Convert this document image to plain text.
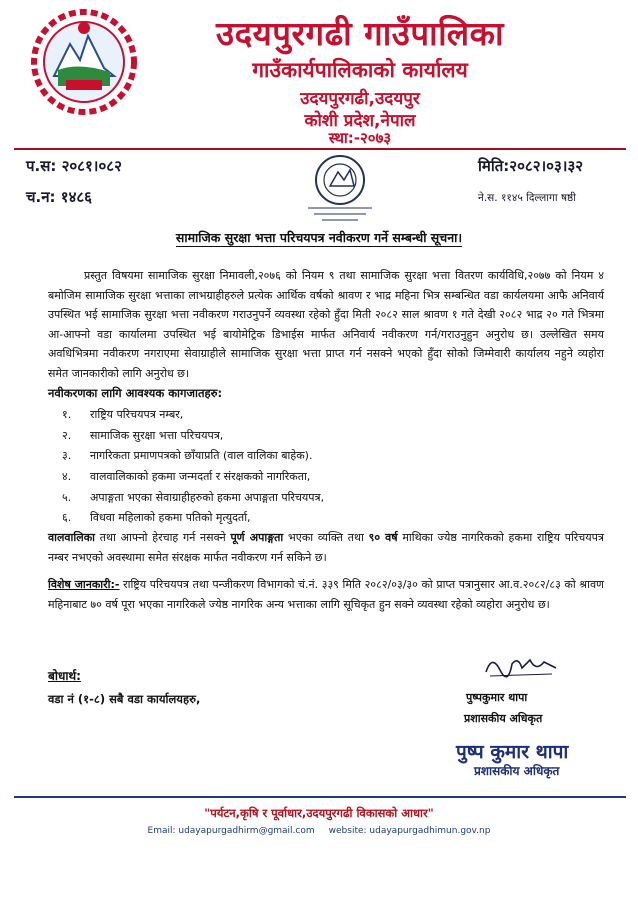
उदयपुरगढी गाउँपालिका
गाउँकार्यपालिकाको कार्यालय
उदयपुरगढी,उदयपुर
कोशी प्रदेश,नेपाल
स्था:-२०७३
प.स: २०८१।०८२
च.न: १४८६
मिति:२०८२।०३।३२
ने.स. ११४५ दिल्लागा षष्ठी
सामाजिक सुरक्षा भत्ता परिचयपत्र नवीकरण गर्ने सम्बन्धी सूचना।
प्रस्तुत विषयमा सामाजिक सुरक्षा निमावली,२०७६ को नियम ९ तथा सामाजिक सुरक्षा भत्ता वितरण कार्यविधि,२०७७ को नियम ४ बमोजिम सामाजिक सुरक्षा भत्ताका लाभग्राहीहरुले प्रत्येक आर्थिक वर्षको श्रावण र भाद्र महिना भित्र सम्बन्धित वडा कार्यलयमा आफै अनिवार्य उपस्थित भई सामाजिक सुरक्षा भत्ता नवीकरण गराउनुपर्ने व्यवस्था रहेको हुँदा मिती २०८२ साल श्रावण १ गते देखी २०८२ भाद्र २० गते भित्रमा आ-आफ्नो वडा कार्यालमा उपस्थित भई बायोमेट्रिक डिभाईस मार्फत अनिवार्य नवीकरण गर्न/गराउनुहुन अनुरोध छ। उल्लेखित समय अवधिभित्रमा नवीकरण नगराएमा सेवाग्राहीले सामाजिक सुरक्षा भत्ता प्राप्त गर्न नसक्ने भएको हुँदा सोको जिम्मेवारी कार्यालय नहुने व्यहोरा समेत जानकारीको लागि अनुरोध छ।
नवीकरणका लागि आवश्यक कागजातहरु:
१. राष्ट्रिय परिचयपत्र नम्बर,
२. सामाजिक सुरक्षा भत्ता परिचयपत्र,
३. नागरिकता प्रमाणपत्रको छाँयाप्रति (वाल वालिका बाहेक).
४. वालवालिकाको हकमा जन्मदर्ता र संरक्षकको नागरिकता,
५. अपाङ्गता भएका सेवाग्राहीहरुको हकमा अपाङ्गता परिचयपत्र,
६. विधवा महिलाको हकमा पतिको मृत्युदर्ता,
वालवालिका तथा आफ्नो हेरचाह गर्न नसक्ने पूर्ण अपाङ्गता भएका व्यक्ति तथा ९० वर्ष माथिका ज्येष्ठ नागरिकको हकमा राष्ट्रिय परिचयपत्र नम्बर नभएको अवस्थामा समेत संरक्षक मार्फत नवीकरण गर्न सकिने छ।
विशेष जानकारी:- राष्ट्रिय परिचयपत्र तथा पन्जीकरण विभागको चं.नं. ३३९ मिति २०८२/०३/३० को प्राप्त पत्रानुसार आ.व.२०८२/८३ को श्रावण महिनाबाट ७० वर्ष पूरा भएका नागरिकले ज्येष्ठ नागरिक अन्य भत्ताका लागि सूचिकृत हुन सक्ने व्यवस्था रहेको व्यहोरा अनुरोध छ।
बोधार्थ:
वडा नं (१-८) सबै वडा कार्यालयहरु,	पुष्पकुमार थापा
प्रशासकीय अधिकृत
पुष्प कुमार थापा
प्रशासकीय अधिकृत
"पर्यटन,कृषि र पूर्वाधार,उदयपुरगढी विकासको आधार"
Email: udayapurgadhirm@gmail.com website: udayapurgadhimun.gov.np
